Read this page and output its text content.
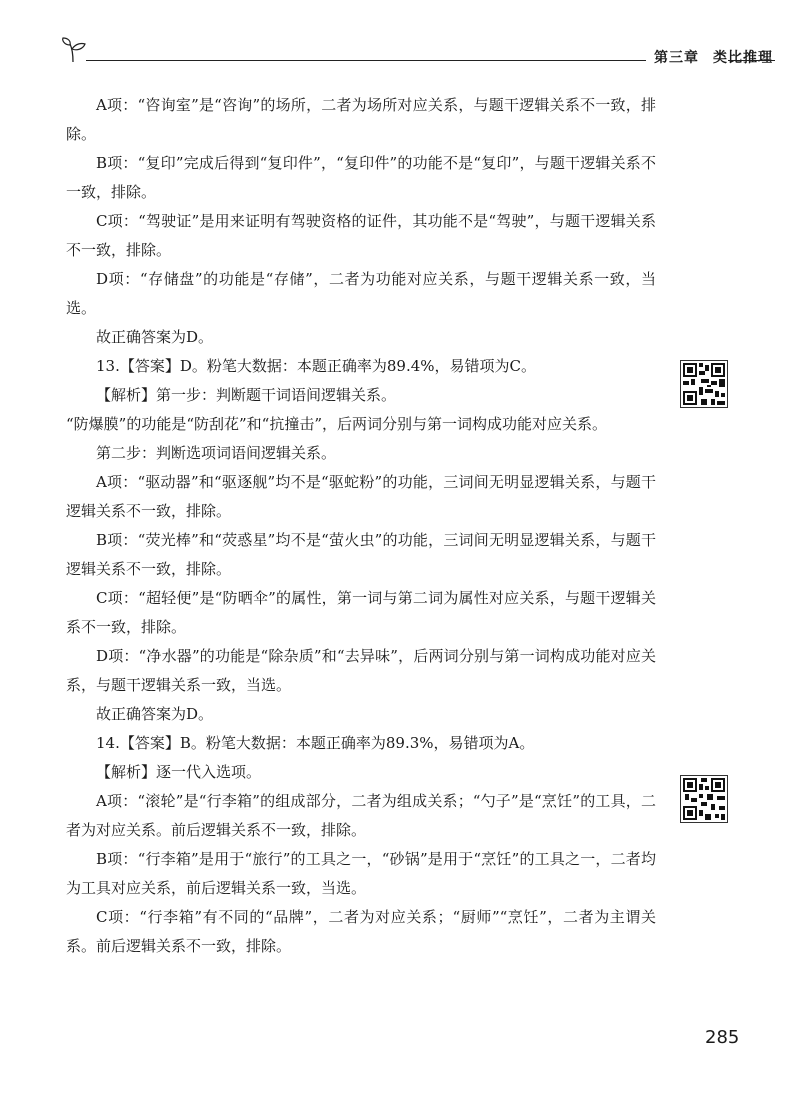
第三章 类比推理

A项：“咨询室”是“咨询”的场所，二者为场所对应关系，与题干逻辑关系不一致，排除。

B项：“复印”完成后得到“复印件”，“复印件”的功能不是“复印”，与题干逻辑关系不一致，排除。

C项：“驾驶证”是用来证明有驾驶资格的证件，其功能不是“驾驶”，与题干逻辑关系不一致，排除。

D项：“存储盘”的功能是“存储”，二者为功能对应关系，与题干逻辑关系一致，当选。

故正确答案为D。

13.【答案】D。粉笔大数据：本题正确率为89.4%，易错项为C。

【解析】第一步：判断题干词语间逻辑关系。

“防爆膜”的功能是“防刮花”和“抗撞击”，后两词分别与第一词构成功能对应关系。

第二步：判断选项词语间逻辑关系。

A项：“驱动器”和“驱逐舰”均不是“驱蛇粉”的功能，三词间无明显逻辑关系，与题干逻辑关系不一致，排除。

B项：“荧光棒”和“荧惑星”均不是“萤火虫”的功能，三词间无明显逻辑关系，与题干逻辑关系不一致，排除。

C项：“超轻便”是“防晒伞”的属性，第一词与第二词为属性对应关系，与题干逻辑关系不一致，排除。

D项：“净水器”的功能是“除杂质”和“去异味”，后两词分别与第一词构成功能对应关系，与题干逻辑关系一致，当选。

故正确答案为D。

14.【答案】B。粉笔大数据：本题正确率为89.3%，易错项为A。

【解析】逐一代入选项。

A项：“滚轮”是“行李箱”的组成部分，二者为组成关系；“勺子”是“烹饪”的工具，二者为对应关系。前后逻辑关系不一致，排除。

B项：“行李箱”是用于“旅行”的工具之一，“砂锅”是用于“烹饪”的工具之一，二者均为工具对应关系，前后逻辑关系一致，当选。

C项：“行李箱”有不同的“品牌”，二者为对应关系；“厨师”“烹饪”，二者为主谓关系。前后逻辑关系不一致，排除。

285
